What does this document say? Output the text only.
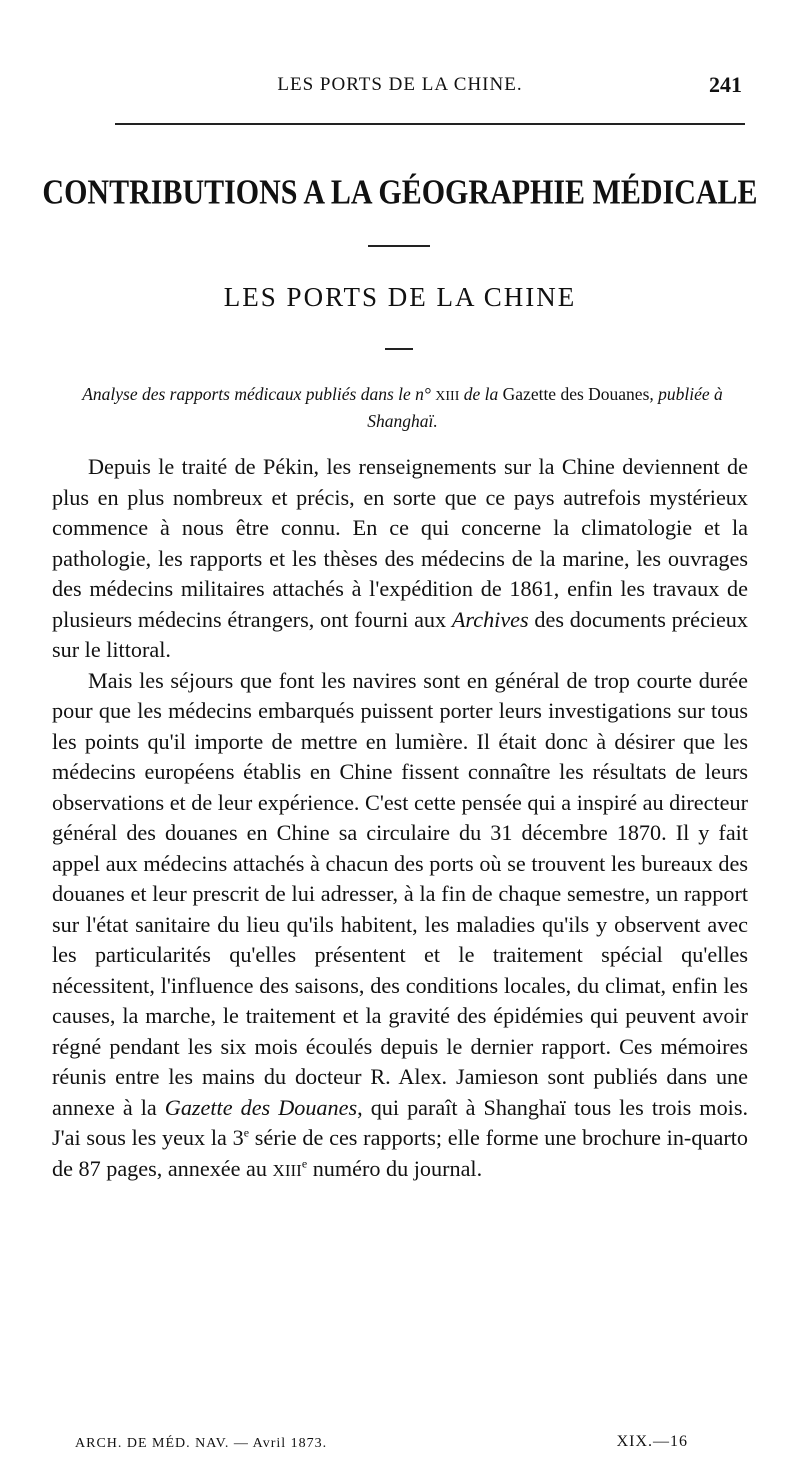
LES PORTS DE LA CHINE.	241
CONTRIBUTIONS A LA GÉOGRAPHIE MÉDICALE
LES PORTS DE LA CHINE
Analyse des rapports médicaux publiés dans le n° XIII de la Gazette des Douanes, publiée à Shanghaï.

Depuis le traité de Pékin, les renseignements sur la Chine deviennent de plus en plus nombreux et précis, en sorte que ce pays autrefois mystérieux commence à nous être connu. En ce qui concerne la climatologie et la pathologie, les rapports et les thèses des médecins de la marine, les ouvrages des médecins militaires attachés à l'expédition de 1861, enfin les travaux de plusieurs médecins étrangers, ont fourni aux Archives des documents précieux sur le littoral.

Mais les séjours que font les navires sont en général de trop courte durée pour que les médecins embarqués puissent porter leurs investigations sur tous les points qu'il importe de mettre en lumière. Il était donc à désirer que les médecins européens établis en Chine fissent connaître les résultats de leurs observations et de leur expérience. C'est cette pensée qui a inspiré au directeur général des douanes en Chine sa circulaire du 31 décembre 1870. Il y fait appel aux médecins attachés à chacun des ports où se trouvent les bureaux des douanes et leur prescrit de lui adresser, à la fin de chaque semestre, un rapport sur l'état sanitaire du lieu qu'ils habitent, les maladies qu'ils y observent avec les particularités qu'elles présentent et le traitement spécial qu'elles nécessitent, l'influence des saisons, des conditions locales, du climat, enfin les causes, la marche, le traitement et la gravité des épidémies qui peuvent avoir régné pendant les six mois écoulés depuis le dernier rapport. Ces mémoires réunis entre les mains du docteur R. Alex. Jamieson sont publiés dans une annexe à la Gazette des Douanes, qui paraît à Shanghaï tous les trois mois. J'ai sous les yeux la 3e série de ces rapports; elle forme une brochure in-quarto de 87 pages, annexée au XIIIe numéro du journal.

ARCH. DE MÉD. NAV. — Avril 1873.	XIX.—16
